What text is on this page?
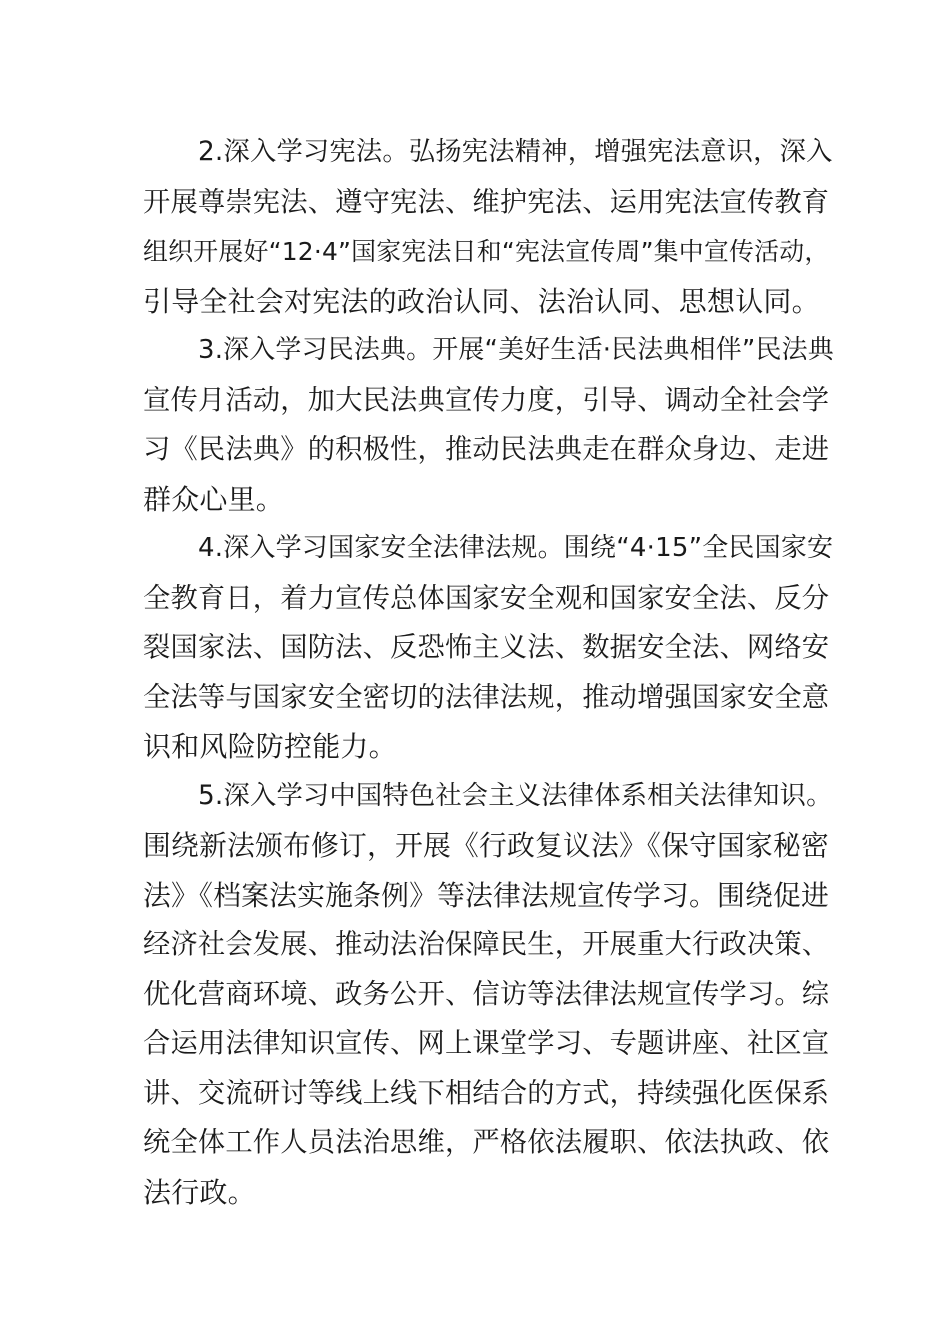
2.深入学习宪法。弘扬宪法精神，增强宪法意识，深入
开展尊崇宪法、遵守宪法、维护宪法、运用宪法宣传教育
组织开展好“12·4”国家宪法日和“宪法宣传周”集中宣传活动，
引导全社会对宪法的政治认同、法治认同、思想认同。

3.深入学习民法典。开展“美好生活·民法典相伴”民法典
宣传月活动，加大民法典宣传力度，引导、调动全社会学
习《民法典》的积极性，推动民法典走在群众身边、走进
群众心里。

4.深入学习国家安全法律法规。围绕“4·15”全民国家安
全教育日，着力宣传总体国家安全观和国家安全法、反分
裂国家法、国防法、反恐怖主义法、数据安全法、网络安
全法等与国家安全密切的法律法规，推动增强国家安全意
识和风险防控能力。

5.深入学习中国特色社会主义法律体系相关法律知识。
围绕新法颁布修订，开展《行政复议法》《保守国家秘密
法》《档案法实施条例》等法律法规宣传学习。围绕促进
经济社会发展、推动法治保障民生，开展重大行政决策、
优化营商环境、政务公开、信访等法律法规宣传学习。综
合运用法律知识宣传、网上课堂学习、专题讲座、社区宣
讲、交流研讨等线上线下相结合的方式，持续强化医保系
统全体工作人员法治思维，严格依法履职、依法执政、依
法行政。
